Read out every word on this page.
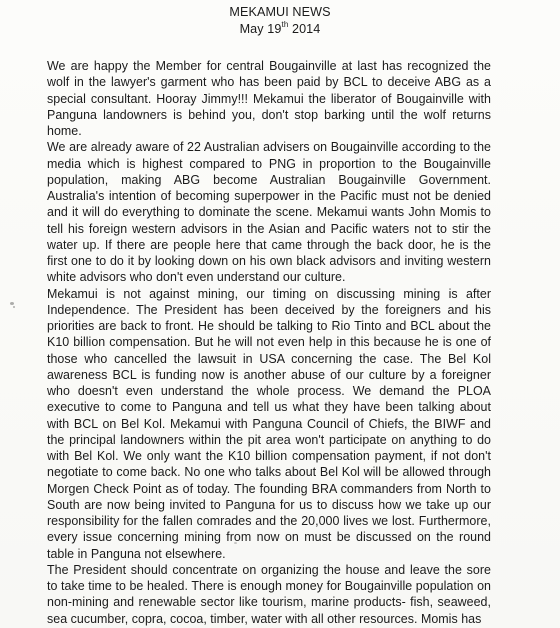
MEKAMUI NEWS
May 19th 2014

We are happy the Member for central Bougainville at last has recognized the wolf in the lawyer's garment who has been paid by BCL to deceive ABG as a special consultant. Hooray Jimmy!!! Mekamui the liberator of Bougainville with Panguna landowners is behind you, don't stop barking until the wolf returns home.

We are already aware of 22 Australian advisers on Bougainville according to the media which is highest compared to PNG in proportion to the Bougainville population, making ABG become Australian Bougainville Government. Australia's intention of becoming superpower in the Pacific must not be denied and it will do everything to dominate the scene. Mekamui wants John Momis to tell his foreign western advisors in the Asian and Pacific waters not to stir the water up. If there are people here that came through the back door, he is the first one to do it by looking down on his own black advisors and inviting western white advisors who don't even understand our culture.

Mekamui is not against mining, our timing on discussing mining is after Independence. The President has been deceived by the foreigners and his priorities are back to front. He should be talking to Rio Tinto and BCL about the K10 billion compensation. But he will not even help in this because he is one of those who cancelled the lawsuit in USA concerning the case. The Bel Kol awareness BCL is funding now is another abuse of our culture by a foreigner who doesn't even understand the whole process. We demand the PLOA executive to come to Panguna and tell us what they have been talking about with BCL on Bel Kol. Mekamui with Panguna Council of Chiefs, the BIWF and the principal landowners within the pit area won't participate on anything to do with Bel Kol. We only want the K10 billion compensation payment, if not don't negotiate to come back. No one who talks about Bel Kol will be allowed through Morgen Check Point as of today. The founding BRA commanders from North to South are now being invited to Panguna for us to discuss how we take up our responsibility for the fallen comrades and the 20,000 lives we lost. Furthermore, every issue concerning mining from now on must be discussed on the round table in Panguna not elsewhere.

The President should concentrate on organizing the house and leave the sore to take time to be healed. There is enough money for Bougainville population on non-mining and renewable sector like tourism, marine products- fish, seaweed, sea cucumber, copra, cocoa, timber, water with all other resources. Momis has
